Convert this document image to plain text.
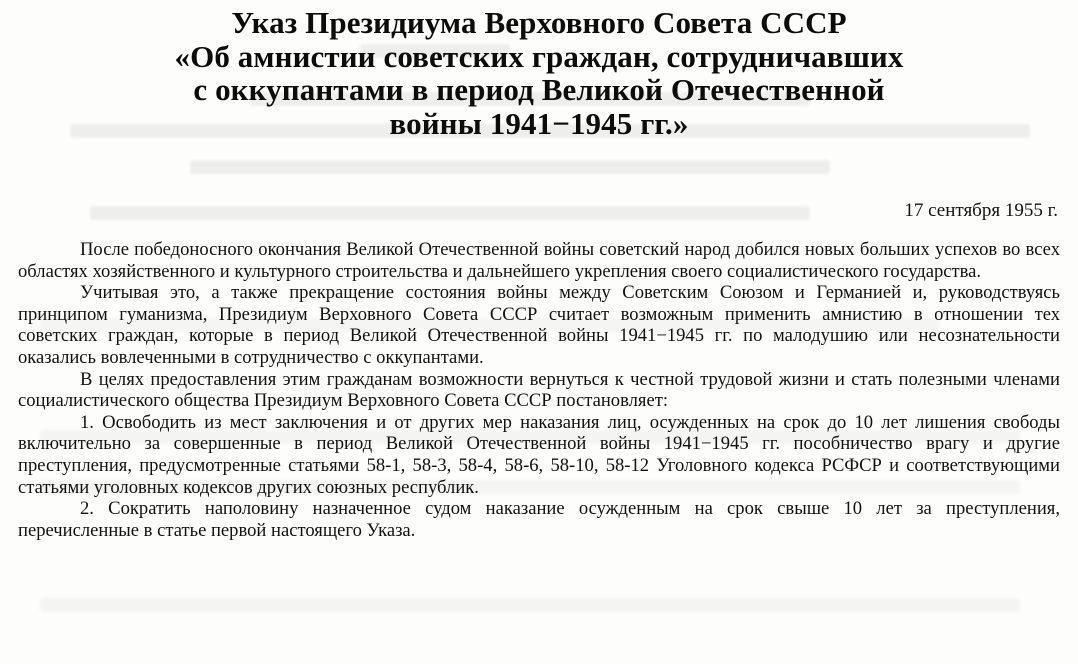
Указ Президиума Верховного Совета СССР
«Об амнистии советских граждан, сотрудничавших
с оккупантами в период Великой Отечественной
войны 1941−1945 гг.»
17 сентября 1955 г.

После победоносного окончания Великой Отечественной войны советский народ добился новых больших успехов во всех областях хозяйственного и культурного строительства и дальнейшего укрепления своего социалистического государства.

Учитывая это, а также прекращение состояния войны между Советским Союзом и Германией и, руководствуясь принципом гуманизма, Президиум Верховного Совета СССР считает возможным применить амнистию в отношении тех советских граждан, которые в период Великой Отечественной войны 1941−1945 гг. по малодушию или несознательности оказались вовлеченными в сотрудничество с оккупантами.

В целях предоставления этим гражданам возможности вернуться к честной трудовой жизни и стать полезными членами социалистического общества Президиум Верховного Совета СССР постановляет:

1. Освободить из мест заключения и от других мер наказания лиц, осужденных на срок до 10 лет лишения свободы включительно за совершенные в период Великой Отечественной войны 1941−1945 гг. пособничество врагу и другие преступления, предусмотренные статьями 58-1, 58-3, 58-4, 58-6, 58-10, 58-12 Уголовного кодекса РСФСР и соответствующими статьями уголовных кодексов других союзных республик.

2. Сократить наполовину назначенное судом наказание осужденным на срок свыше 10 лет за преступления, перечисленные в статье первой настоящего Указа.
